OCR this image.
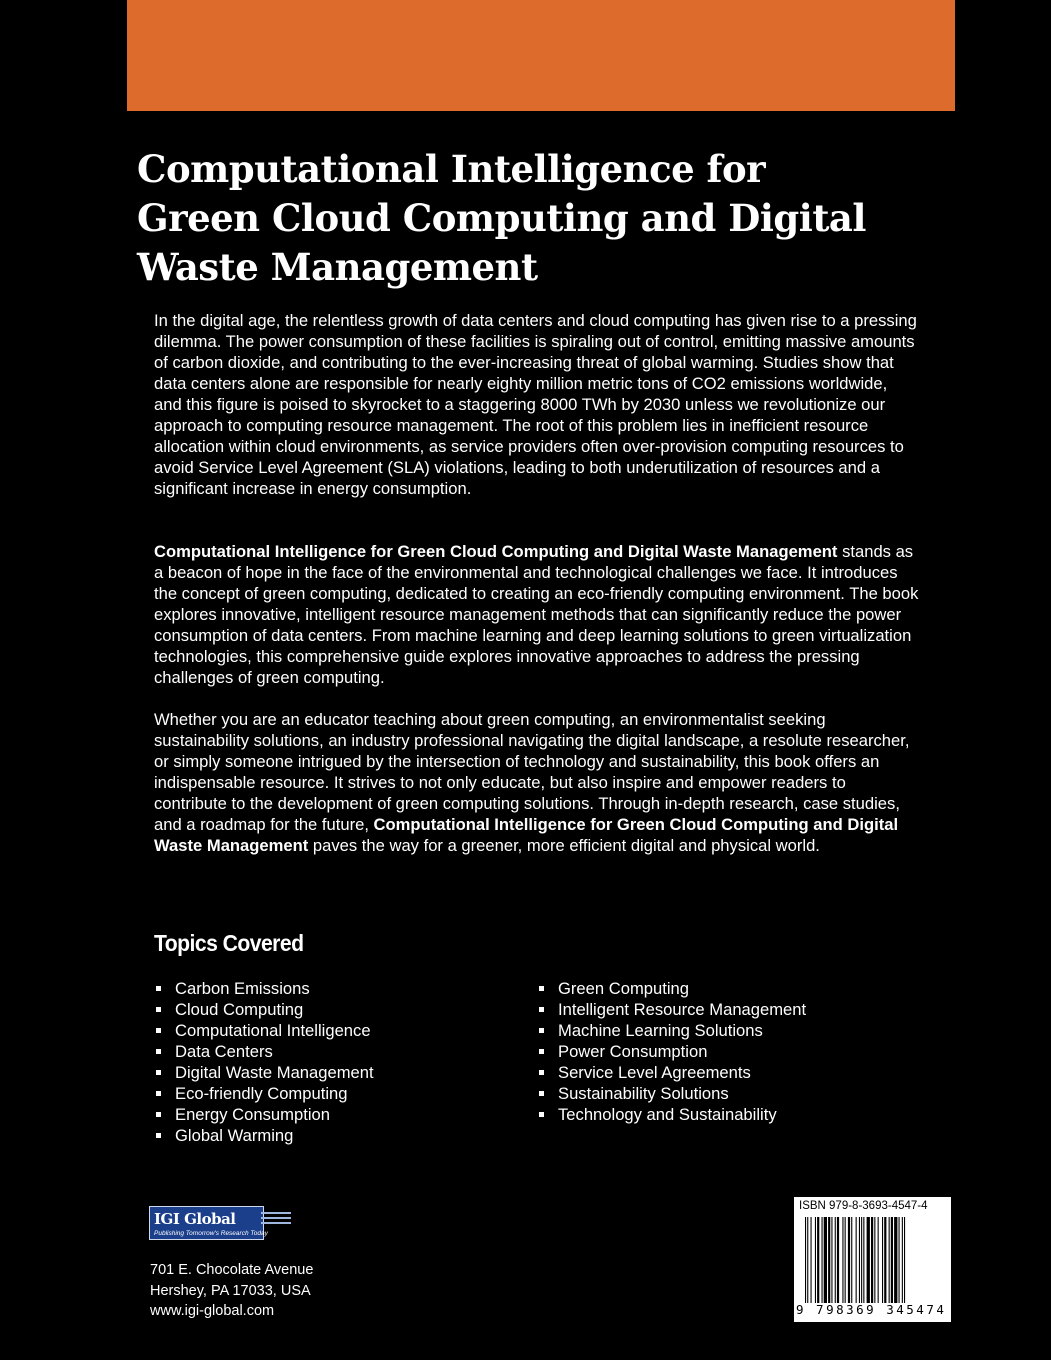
Computational Intelligence for Green Cloud Computing and Digital Waste Management

In the digital age, the relentless growth of data centers and cloud computing has given rise to a pressing dilemma. The power consumption of these facilities is spiraling out of control, emitting massive amounts of carbon dioxide, and contributing to the ever-increasing threat of global warming. Studies show that data centers alone are responsible for nearly eighty million metric tons of CO2 emissions worldwide, and this figure is poised to skyrocket to a staggering 8000 TWh by 2030 unless we revolutionize our approach to computing resource management. The root of this problem lies in inefficient resource allocation within cloud environments, as service providers often over-provision computing resources to avoid Service Level Agreement (SLA) violations, leading to both underutilization of resources and a significant increase in energy consumption.

Computational Intelligence for Green Cloud Computing and Digital Waste Management stands as a beacon of hope in the face of the environmental and technological challenges we face. It introduces the concept of green computing, dedicated to creating an eco-friendly computing environment. The book explores innovative, intelligent resource management methods that can significantly reduce the power consumption of data centers. From machine learning and deep learning solutions to green virtualization technologies, this comprehensive guide explores innovative approaches to address the pressing challenges of green computing.

Whether you are an educator teaching about green computing, an environmentalist seeking sustainability solutions, an industry professional navigating the digital landscape, a resolute researcher, or simply someone intrigued by the intersection of technology and sustainability, this book offers an indispensable resource. It strives to not only educate, but also inspire and empower readers to contribute to the development of green computing solutions. Through in-depth research, case studies, and a roadmap for the future, Computational Intelligence for Green Cloud Computing and Digital Waste Management paves the way for a greener, more efficient digital and physical world.

Topics Covered
Carbon Emissions
Cloud Computing
Computational Intelligence
Data Centers
Digital Waste Management
Eco-friendly Computing
Energy Consumption
Global Warming
Green Computing
Intelligent Resource Management
Machine Learning Solutions
Power Consumption
Service Level Agreements
Sustainability Solutions
Technology and Sustainability
IGI Global
Publishing Tomorrow's Research Today
701 E. Chocolate Avenue
Hershey, PA 17033, USA
www.igi-global.com
ISBN 979-8-3693-4547-4
9 798369 345474
